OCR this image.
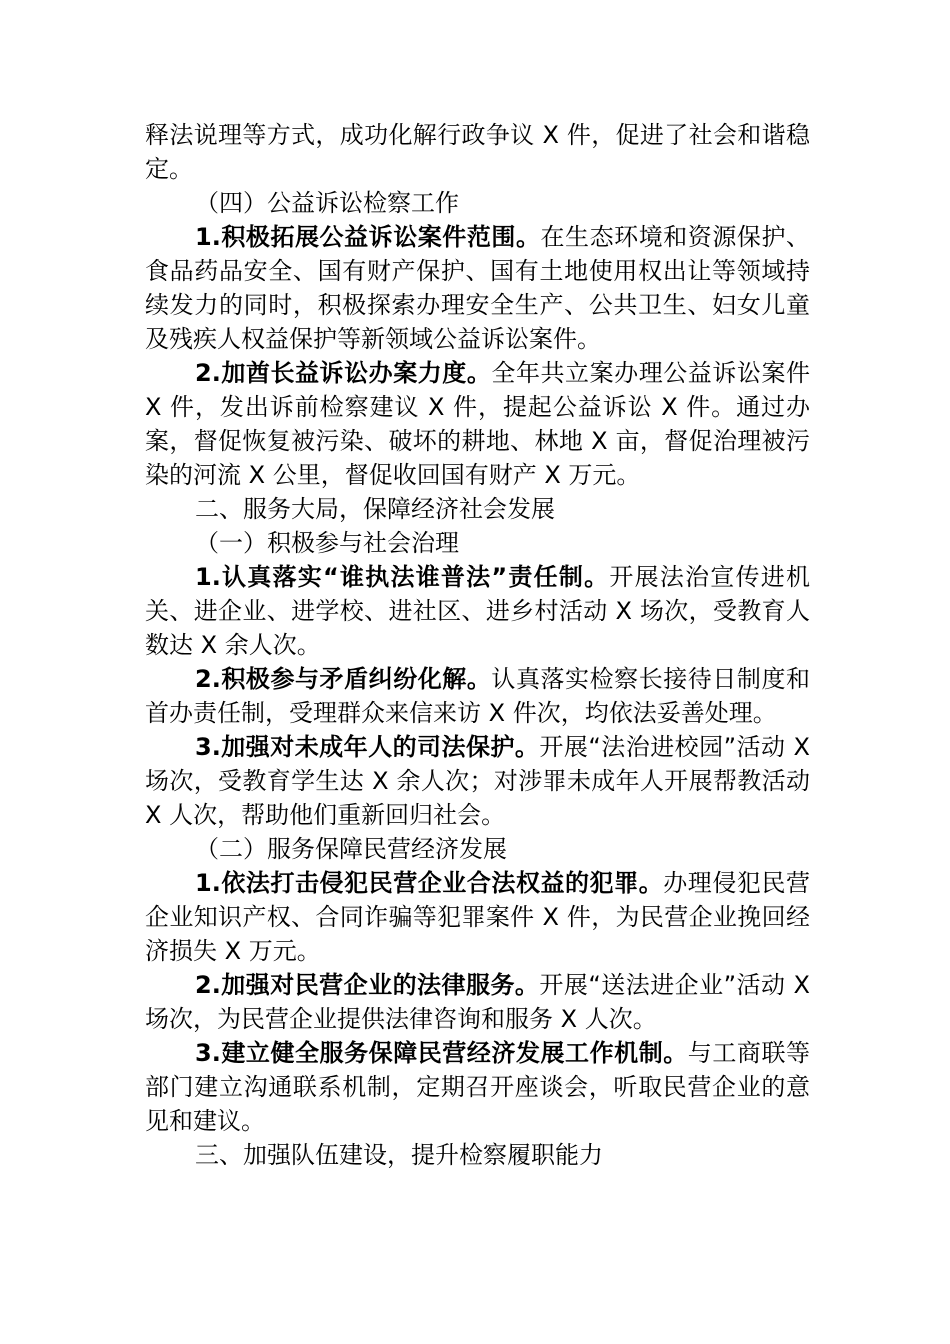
释法说理等方式，成功化解行政争议 X 件，促进了社会和谐稳定。

（四）公益诉讼检察工作

1.积极拓展公益诉讼案件范围。在生态环境和资源保护、食品药品安全、国有财产保护、国有土地使用权出让等领域持续发力的同时，积极探索办理安全生产、公共卫生、妇女儿童及残疾人权益保护等新领域公益诉讼案件。

2.加酋长益诉讼办案力度。全年共立案办理公益诉讼案件 X 件，发出诉前检察建议 X 件，提起公益诉讼 X 件。通过办案，督促恢复被污染、破坏的耕地、林地 X 亩，督促治理被污染的河流 X 公里，督促收回国有财产 X 万元。

二、服务大局，保障经济社会发展

（一）积极参与社会治理

1.认真落实“谁执法谁普法”责任制。开展法治宣传进机关、进企业、进学校、进社区、进乡村活动 X 场次，受教育人数达 X 余人次。

2.积极参与矛盾纠纷化解。认真落实检察长接待日制度和首办责任制，受理群众来信来访 X 件次，均依法妥善处理。

3.加强对未成年人的司法保护。开展“法治进校园”活动 X 场次，受教育学生达 X 余人次；对涉罪未成年人开展帮教活动 X 人次，帮助他们重新回归社会。

（二）服务保障民营经济发展

1.依法打击侵犯民营企业合法权益的犯罪。办理侵犯民营企业知识产权、合同诈骗等犯罪案件 X 件，为民营企业挽回经济损失 X 万元。

2.加强对民营企业的法律服务。开展“送法进企业”活动 X 场次，为民营企业提供法律咨询和服务 X 人次。

3.建立健全服务保障民营经济发展工作机制。与工商联等部门建立沟通联系机制，定期召开座谈会，听取民营企业的意见和建议。

三、加强队伍建设，提升检察履职能力
